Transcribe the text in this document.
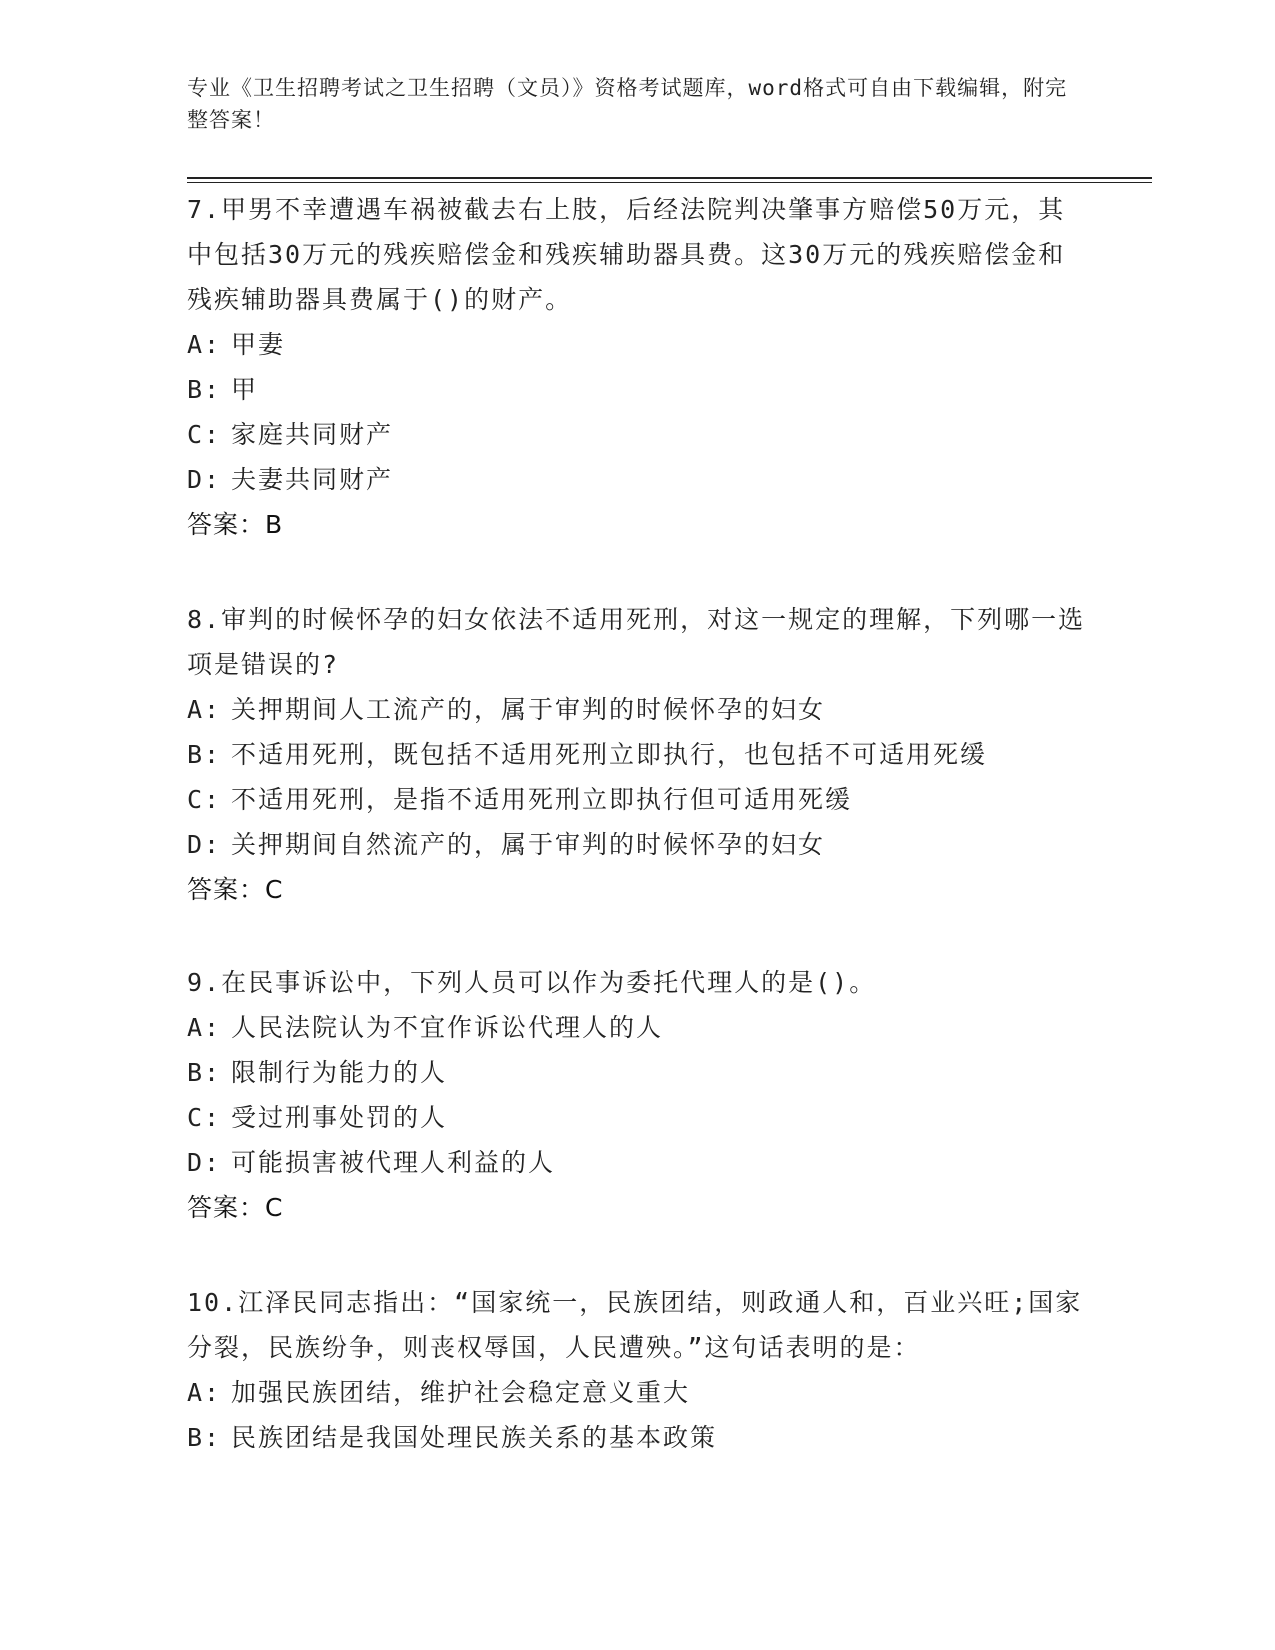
专业《卫生招聘考试之卫生招聘（文员）》资格考试题库，word格式可自由下载编辑，附完整答案！

7.甲男不幸遭遇车祸被截去右上肢，后经法院判决肇事方赔偿50万元，其中包括30万元的残疾赔偿金和残疾辅助器具费。这30万元的残疾赔偿金和残疾辅助器具费属于()的财产。

A: 甲妻

B: 甲

C: 家庭共同财产

D: 夫妻共同财产

答案：B

8.审判的时候怀孕的妇女依法不适用死刑，对这一规定的理解，下列哪一选项是错误的?

A: 关押期间人工流产的，属于审判的时候怀孕的妇女

B: 不适用死刑，既包括不适用死刑立即执行，也包括不可适用死缓

C: 不适用死刑，是指不适用死刑立即执行但可适用死缓

D: 关押期间自然流产的，属于审判的时候怀孕的妇女

答案：C

9.在民事诉讼中，下列人员可以作为委托代理人的是()。

A: 人民法院认为不宜作诉讼代理人的人

B: 限制行为能力的人

C: 受过刑事处罚的人

D: 可能损害被代理人利益的人

答案：C

10.江泽民同志指出：“国家统一，民族团结，则政通人和，百业兴旺;国家分裂，民族纷争，则丧权辱国，人民遭殃。”这句话表明的是：

A: 加强民族团结，维护社会稳定意义重大

B: 民族团结是我国处理民族关系的基本政策
